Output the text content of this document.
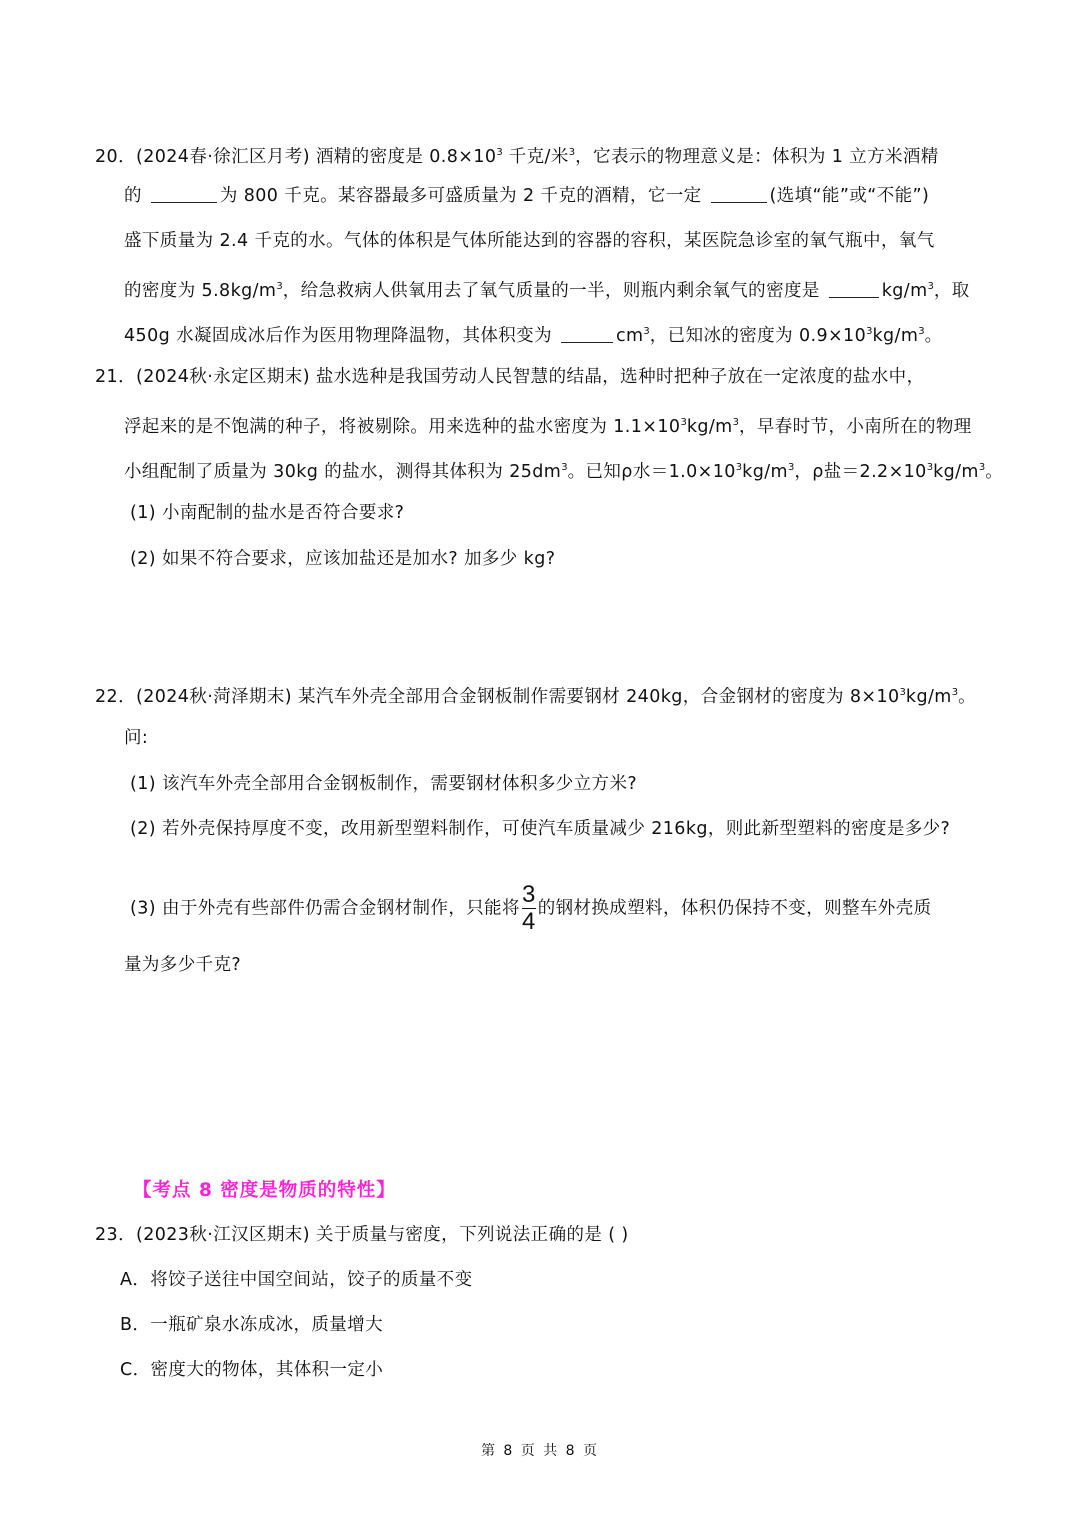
20．(2024春·徐汇区月考) 酒精的密度是 $0.8\times 10^3$ 千克/米$^3$，它表示的物理意义是：体积为 1 立方米酒精
的	为 800 千克。某容器最多可盛质量为 2 千克的酒精，它一定	(选填“能”或“不能”)
盛下质量为 2.4 千克的水。气体的体积是气体所能达到的容器的容积，某医院急诊室的氧气瓶中，氧气
的密度为 $5.8kg/m^3$，给急救病人供氧用去了氧气质量的一半，则瓶内剩余氧气的密度是	$kg/m^3$，取
450g 水凝固成冰后作为医用物理降温物，其体积变为	$cm^3$，已知冰的密度为 $0.9\times 10^3kg/m^3$。
21．(2024秋·永定区期末) 盐水选种是我国劳动人民智慧的结晶，选种时把种子放在一定浓度的盐水中，
浮起来的是不饱满的种子，将被剔除。用来选种的盐水密度为 $1.1\times 10^3kg/m^3$，早春时节，小南所在的物理
小组配制了质量为 30kg 的盐水，测得其体积为 $25dm^3$。已知ρ水$=1.0\times 10^3kg/m^3$，ρ盐$=2.2\times 10^3kg/m^3$。
(1) 小南配制的盐水是否符合要求?
(2) 如果不符合要求，应该加盐还是加水? 加多少 kg?
22．(2024秋·菏泽期末) 某汽车外壳全部用合金钢板制作需要钢材 240kg，合金钢材的密度为 $8\times 10^3kg/m^3$。
问:
(1) 该汽车外壳全部用合金钢板制作，需要钢材体积多少立方米?
(2) 若外壳保持厚度不变，改用新型塑料制作，可使汽车质量减少 216kg，则此新型塑料的密度是多少?
(3) 由于外壳有些部件仍需合金钢材制作，只能将 $\frac{3}{4}$ 的钢材换成塑料，体积仍保持不变，则整车外壳质
量为多少千克?
【考点 8 密度是物质的特性】
23．(2023秋·江汉区期末) 关于质量与密度，下列说法正确的是 ( )
A．将饺子送往中国空间站，饺子的质量不变
B．一瓶矿泉水冻成冰，质量增大
C．密度大的物体，其体积一定小
第 8 页 共 8 页
